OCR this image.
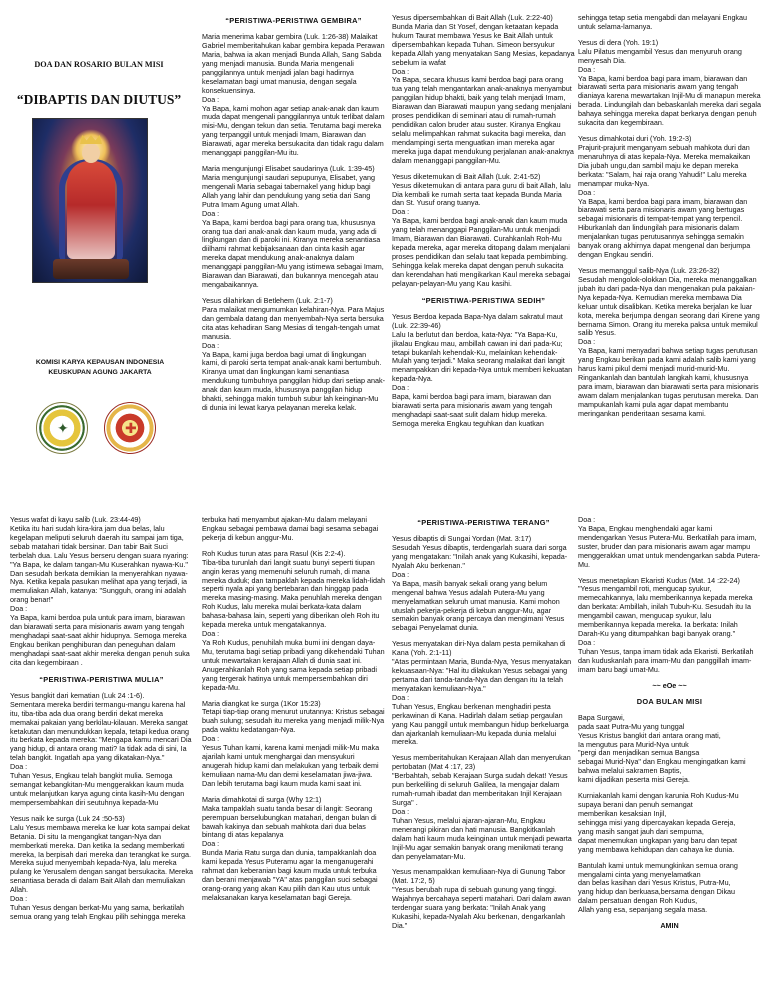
DOA DAN ROSARIO BULAN MISI
“DIBAPTIS DAN DIUTUS”
KOMISI KARYA KEPAUSAN INDONESIA
KEUSKUPAN AGUNG JAKARTA
✦	✚
“PERISTIWA-PERISTIWA GEMBIRA”

Maria menerima kabar gembira (Luk. 1:26-38) Malaikat Gabriel memberitahukan kabar gembira kepada Perawan Maria, bahwa ia akan menjadi Bunda Allah, Sang Sabda yang menjadi manusia. Bunda Maria mengenali panggilannya untuk menjadi jalan bagi hadirnya keselamatan bagi umat manusia, dengan segala konsekuensinya.
Doa :
Ya Bapa, kami mohon agar setiap anak-anak dan kaum muda dapat mengenali panggilannya untuk terlibat dalam misi-Mu, dengan tekun dan setia. Terutama bagi mereka yang terpanggil untuk menjadi Imam, Biarawan dan Biarawati, agar mereka bersukacita dan tidak ragu dalam menanggapi panggilan-Mu itu.

Maria mengunjungi Elisabet saudarinya (Luk. 1:39-45)
Maria mengunjungi saudari sepupunya, Elisabet, yang mengenali Maria sebagai tabernakel yang hidup bagi Allah yang lahir dan pendukung yang setia dari Sang Putra Imam Agung umat Allah.
Doa :
Ya Bapa, kami berdoa bagi para orang tua, khususnya orang tua dari anak-anak dan kaum muda, yang ada di lingkungan dan di paroki ini. Kiranya mereka senantiasa diilhami rahmat kebijaksanaan dan cinta kasih agar mereka dapat mendukung anak-anaknya dalam menanggapi panggilan-Mu yang istimewa sebagai Imam, Biarawan dan Biarawati, dan bukannya mencegah atau mengabaikannya.

Yesus dilahirkan di Betlehem (Luk. 2:1-7)
Para malaikat mengumumkan kelahiran-Nya. Para Majus dan gembala datang dan menyembah-Nya serta bersuka cita atas kehadiran Sang Mesias di tengah-tengah umat manusia.
Doa :
Ya Bapa, kami juga berdoa bagi umat di lingkungan kami, di paroki serta tempat anak-anak kami bertumbuh. Kiranya umat dan lingkungan kami senantiasa mendukung tumbuhnya panggilan hidup dari setiap anak-anak dan kaum muda, khususnya panggilan hidup bhakti, sehingga makin tumbuh subur lah keinginan-Mu di dunia ini lewat karya pelayanan mereka kelak.

Yesus dipersembahkan di Bait Allah (Luk. 2:22-40)
Bunda Maria dan St Yosef, dengan ketaatan kepada hukum Taurat membawa Yesus ke Bait Allah untuk dipersembahkan kepada Tuhan. Simeon bersyukur kepada Allah yang menyatakan Sang Mesias, kepadanya sebelum ia wafat
Doa :
Ya Bapa, secara khusus kami berdoa bagi para orang tua yang telah mengantarkan anak-anaknya menyambut panggilan hidup bhakti, baik yang telah menjadi Imam, Biarawan dan Biarawati maupun yang sedang menjalani proses pendidikan di seminari atau di rumah-rumah pendidikan calon bruder atau suster. Kiranya Engkau selalu melimpahkan rahmat sukacita bagi mereka, dan mendampingi serta menguatkan iman mereka agar mereka juga dapat mendukung perjalanan anak-anaknya dalam menanggapi panggilan-Mu.

Yesus diketemukan di Bait Allah (Luk. 2:41-52)
Yesus diketemukan di antara para guru di bait Allah, lalu Dia kembali ke rumah serta taat kepada Bunda Maria dan St. Yusuf orang tuanya.
Doa :
Ya Bapa, kami berdoa bagi anak-anak dan kaum muda yang telah menanggapi Panggilan-Mu untuk menjadi Imam, Biarawan dan Biarawati. Curahkanlah Roh-Mu kepada mereka, agar mereka ditopang dalam menjalani proses pendidikan dan selalu taat kepada pembimbing. Sehingga kelak mereka dapat dengan penuh sukacita dan kerendahan hati mengikarkan Kaul mereka sebagai pelayan-pelayan-Mu yang Kau kasihi.

“PERISTIWA-PERISTIWA SEDIH”

Yesus Berdoa kepada Bapa-Nya dalam sakratul maut (Luk. 22:39-46)
Lalu Ia berlutut dan berdoa, kata-Nya: "Ya Bapa-Ku, jikalau Engkau mau, ambillah cawan ini dari pada-Ku; tetapi bukanlah kehendak-Ku, melainkan kehendak-Mulah yang terjadi." Maka seorang malaikat dari langit menampakkan diri kepada-Nya untuk memberi kekuatan kepada-Nya.
Doa :
Bapa, kami berdoa bagi para imam, biarawan dan biarawati serta para misionaris awam yang tengah menghadapi saat-saat sulit dalam hidup mereka. Semoga mereka Engkau teguhkan dan kuatkan

sehingga tetap setia mengabdi dan melayani Engkau untuk selama-lamanya.

Yesus di dera (Yoh. 19:1)
Lalu Pilatus mengambil Yesus dan menyuruh orang menyesah Dia.
Doa :
Ya Bapa, kami berdoa bagi para imam, biarawan dan biarawati serta para misionaris awam yang tengah dianiaya karena mewartakan Injil-Mu di manapun mereka berada. Lindungilah dan bebaskanlah mereka dari segala bahaya sehingga mereka dapat berkarya dengan penuh sukacita dan kegembiraan.

Yesus dimahkotai duri (Yoh. 19:2-3)
Prajurit-prajurit menganyam sebuah mahkota duri dan menaruhnya di atas kepala-Nya. Mereka memakaikan Dia jubah ungu,dan sambil maju ke depan mereka berkata: "Salam, hai raja orang Yahudi!" Lalu mereka menampar muka-Nya.
Doa :
Ya Bapa, kami berdoa bagi para imam, biarawan dan biarawati serta para misionaris awam yang bertugas sebagai misionaris di tempat-tempat yang terpencil. Hiburkanlah dan lindungilah para misionaris dalam menjalankan tugas perutusannya sehingga semakin banyak orang akhirnya dapat mengenal dan berjumpa dengan Engkau sendiri.

Yesus memanggul salib-Nya (Luk. 23:26-32)
Sesudah mengolok-olokkan Dia, mereka menanggalkan jubah itu dari pada-Nya dan mengenakan pula pakaian-Nya kepada-Nya. Kemudian mereka membawa Dia keluar untuk disalibkan. Ketika mereka berjalan ke luar kota, mereka berjumpa dengan seorang dari Kirene yang bernama Simon. Orang itu mereka paksa untuk memikul salib Yesus.
Doa :
Ya Bapa, kami menyadari bahwa setiap tugas perutusan yang Engkau berikan pada kami adalah salib kami yang harus kami pikul demi menjadi murid-murid-Mu. Ringankanlah dan bantulah langkah kami, khususnya para imam, biarawan dan biarawati serta para misionaris awam dalam menjalankan tugas perutusan mereka. Dan mampukanlah kami pula agar dapat membantu meringankan penderitaan sesama kami.

Yesus wafat di kayu salib (Luk. 23:44-49)
Ketika itu hari sudah kira-kira jam dua belas, lalu kegelapan meliputi seluruh daerah itu sampai jam tiga, sebab matahari tidak bersinar. Dan tabir Bait Suci terbelah dua. Lalu Yesus berseru dengan suara nyaring: "Ya Bapa, ke dalam tangan-Mu Kuserahkan nyawa-Ku." Dan sesudah berkata demikian Ia menyerahkan nyawa-Nya. Ketika kepala pasukan melihat apa yang terjadi, ia memuliakan Allah, katanya: "Sungguh, orang ini adalah orang benar!"
Doa :
Ya Bapa, kami berdoa pula untuk para imam, biarawan dan biarawati serta para misionaris awam yang tengah menghadapi saat-saat akhir hidupnya. Semoga mereka Engkau berikan penghiburan dan peneguhan dalam menghadapi saat-saat akhir mereka dengan penuh suka cita dan kegembiraan .

“PERISTIWA-PERISTIWA MULIA”

Yesus bangkit dari kematian (Luk 24 :1-6).
Sementara mereka berdiri termangu-mangu karena hal itu, tiba-tiba ada dua orang berdiri dekat mereka memakai pakaian yang berkilau-kilauan. Mereka sangat ketakutan dan menundukkan kepala, tetapi kedua orang itu berkata kepada mereka: "Mengapa kamu mencari Dia yang hidup, di antara orang mati? Ia tidak ada di sini, Ia telah bangkit. Ingatlah apa yang dikatakan-Nya."
Doa :
Tuhan Yesus, Engkau telah bangkit mulia. Semoga semangat kebangkitan-Mu menggerakkan kaum muda untuk melanjutkan karya agung cinta kasih-Mu dengan mempersembahkan diri seutuhnya kepada-Mu

Yesus naik ke surga (Luk 24 :50-53)
Lalu Yesus membawa mereka ke luar kota sampai dekat Betania. Di situ Ia mengangkat tangan-Nya dan memberkati mereka. Dan ketika Ia sedang memberkati mereka, Ia berpisah dari mereka dan terangkat ke surga. Mereka sujud menyembah kepada-Nya, lalu mereka pulang ke Yerusalem dengan sangat bersukacita. Mereka senantiasa berada di dalam Bait Allah dan memuliakan Allah.
Doa :
Tuhan Yesus dengan berkat-Mu yang sama, berkatilah semua orang yang telah Engkau pilih sehingga mereka

terbuka hati menyambut ajakan-Mu dalam melayani Engkau sebagai pembawa damai bagi sesama sebagai pekerja di kebun anggur-Mu.

Roh Kudus turun atas para Rasul (Kis 2:2-4).
Tiba-tiba turunlah dari langit suatu bunyi seperti tiupan angin keras yang memenuhi seluruh rumah, di mana mereka duduk; dan tampaklah kepada mereka lidah-lidah seperti nyala api yang bertebaran dan hinggap pada mereka masing-masing. Maka penuhlah mereka dengan Roh Kudus, lalu mereka mulai berkata-kata dalam bahasa-bahasa lain, seperti yang diberikan oleh Roh itu kepada mereka untuk mengatakannya.
Doa :
Ya Roh Kudus, penuhilah muka bumi ini dengan daya-Mu, terutama bagi setiap pribadi yang dikehendaki Tuhan untuk mewartakan kerajaan Allah di dunia saat ini. Anugerahkanlah Roh yang sama kepada setiap pribadi yang tergerak hatinya untuk mempersembahkan diri kepada-Mu.

Maria diangkat ke surga (1Kor 15:23)
Tetapi tiap-tiap orang menurut urutannya: Kristus sebagai buah sulung; sesudah itu mereka yang menjadi milik-Nya pada waktu kedatangan-Nya.
Doa :
Yesus Tuhan kami, karena kami menjadi milik-Mu maka ajarilah kami untuk menghargai dan mensyukuri anugerah hidup kami dan melakukan yang terbaik demi kemuliaan nama-Mu dan demi keselamatan jiwa-jiwa. Dan lebih terutama bagi kaum muda kami saat ini.

Maria dimahkotai di surga (Why 12:1)
Maka tampaklah suatu tanda besar di langit: Seorang perempuan berselubungkan matahari, dengan bulan di bawah kakinya dan sebuah mahkota dari dua belas bintang di atas kepalanya
Doa :
Bunda Maria Ratu surga dan dunia, tampakkanlah doa kami kepada Yesus Puteramu agar Ia menganugerahi rahmat dan keberanian bagi kaum muda untuk terbuka dan berani menjawab "YA" atas panggilan suci sebagai orang-orang yang akan Kau pilih dan Kau utus untuk melaksanakan karya keselamatan bagi Gereja.

“PERISTIWA-PERISTIWA TERANG”

Yesus dibaptis di Sungai Yordan (Mat. 3:17)
Sesudah Yesus dibaptis, terdengarlah suara dari sorga yang mengatakan: "Inilah anak yang Kukasihi, kepada-Nyalah Aku berkenan."
Doa :
Ya Bapa, masih banyak sekali orang yang belum mengenal bahwa Yesus adalah Putera-Mu yang menyelamatkan seluruh umat manusia. Kami mohon utuslah pekerja-pekerja di kebun anggur-Mu, agar semakin banyak orang percaya dan mengimani Yesus sebagai Penyelamat dunia.

Yesus menyatakan diri-Nya dalam pesta pernikahan di Kana (Yoh. 2:1-11)
"Atas permintaan Maria, Bunda-Nya, Yesus menyatakan kekuasaan-Nya: "Hal itu dilakukan Yesus sebagai yang pertama dari tanda-tanda-Nya dan dengan itu Ia telah menyatakan kemuliaan-Nya."
Doa :
Tuhan Yesus, Engkau berkenan menghadiri pesta perkawinan di Kana. Hadirlah dalam setiap pergaulan yang Kau panggil untuk membangun hidup berkeluarga dan ajarkanlah kemuliaan-Mu kepada dunia melalui mereka.

Yesus memberitahukan Kerajaan Allah dan menyerukan pertobatan (Mat 4 :17, 23)
"Berbahtah, sebab Kerajaan Surga sudah dekat! Yesus pun berkeliling di seluruh Galilea, Ia mengajar dalam rumah-rumah ibadat dan memberitakan Injil Kerajaan Surga" .
Doa :
Tuhan Yesus, melalui ajaran-ajaran-Mu, Engkau menerangi pikiran dan hati manusia. Bangkitkanlah dalam hati kaum muda keinginan untuk menjadi pewarta Injil-Mu agar semakin banyak orang menikmati terang dan penyelamatan-Mu.

Yesus menampakkan kemuliaan-Nya di Gunung Tabor (Mat. 17:2, 5)
"Yesus berubah rupa di sebuah gunung yang tinggi. Wajahnya bercahaya seperti matahari. Dari dalam awan terdengar suara yang berkata: "Inilah Anak yang Kukasihi, kepada-Nyalah Aku berkenan, dengarkanlah Dia."

Doa :
Ya Bapa, Engkau menghendaki agar kami mendengarkan Yesus Putera-Mu. Berkatilah para imam, suster, bruder dan para misionaris awam agar mampu menggerakkan umat untuk mendengarkan sabda Putera-Mu.

Yesus menetapkan Ekaristi Kudus (Mat. 14 :22-24)
"Yesus mengambil roti, mengucap syukur, memecahkannya, lalu memberikannya kepada mereka dan berkata: Ambillah, inilah Tubuh-Ku. Sesudah itu Ia mengambil cawan, mengucap syukur, lalu memberikannya kepada mereka. Ia berkata: Inilah Darah-Ku yang ditumpahkan bagi banyak orang."
Doa :
Tuhan Yesus, tanpa imam tidak ada Ekaristi. Berkatilah dan kuduskanlah para imam-Mu dan panggillah imam-imam baru bagi umat-Mu.

~~ eOe ~~
DOA BULAN MISI

Bapa Surgawi,
pada saat Putra-Mu yang tunggal
Yesus Kristus bangkit dari antara orang mati,
Ia mengutus para Murid-Nya untuk
"pergi dan menjadikan semua Bangsa
sebagai Murid-Nya" dan Engkau mengingatkan kami
bahwa melalui sakramen Baptis,
kami dijadikan peserta misi Gereja.

Kurniakanlah kami dengan karunia Roh Kudus-Mu
supaya berani dan penuh semangat
memberikan kesaksian Injil,
sehingga misi yang dipercayakan kepada Gereja,
yang masih sangat jauh dari sempurna,
dapat menemukan ungkapan yang baru dan tepat
yang membawa kehidupan dan cahaya ke dunia.

Bantulah kami untuk memungkinkan semua orang
mengalami cinta yang menyelamatkan
dan belas kasihan dari Yesus Kristus, Putra-Mu,
yang hidup dan berkuasa,bersama dengan Dikau
dalam persatuan dengan Roh Kudus,
Allah yang esa, sepanjang segala masa.

AMIN
